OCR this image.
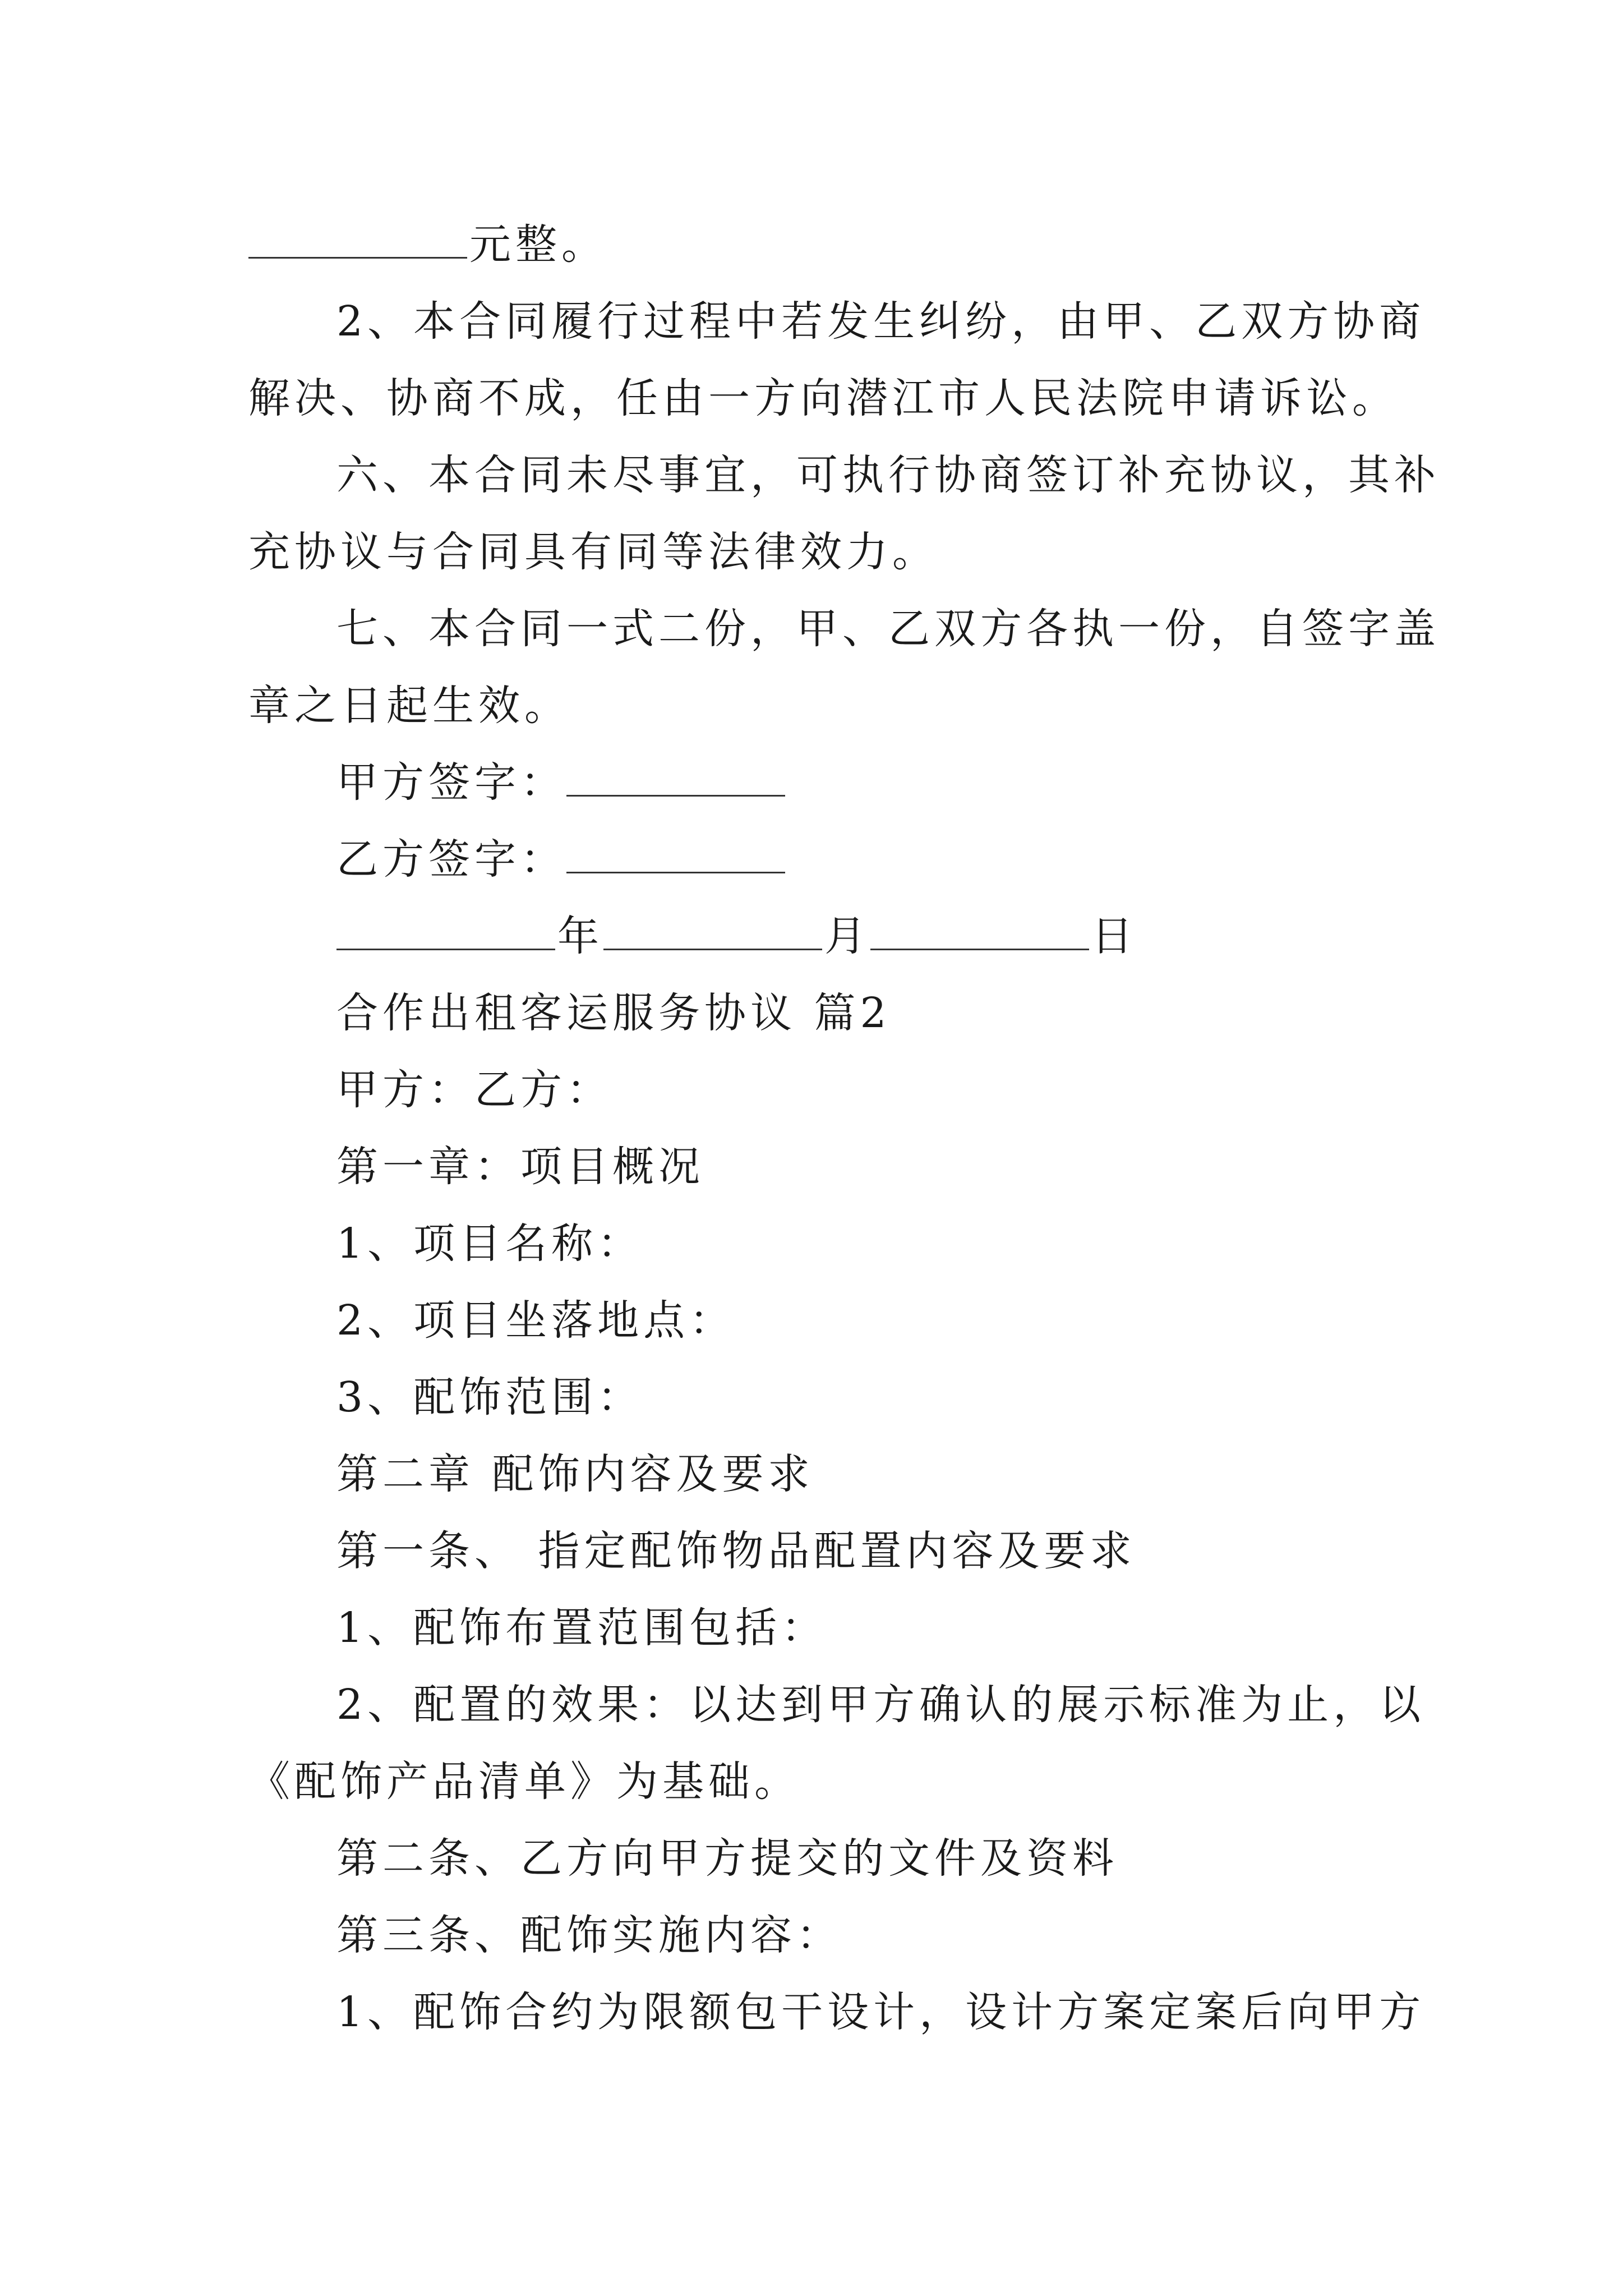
元整。
2、本合同履行过程中若发生纠纷，由甲、乙双方协商
解决、协商不成，任由一方向潜江市人民法院申请诉讼。
六、本合同未尽事宜，可执行协商签订补充协议，其补
充协议与合同具有同等法律效力。
七、本合同一式二份，甲、乙双方各执一份，自签字盖
章之日起生效。
甲方签字：
乙方签字：
年	月	日
合作出租客运服务协议 篇2
甲方：乙方：
第一章：项目概况
1、项目名称：
2、项目坐落地点：
3、配饰范围：
第二章 配饰内容及要求
第一条、 指定配饰物品配置内容及要求
1、配饰布置范围包括：
2、配置的效果：以达到甲方确认的展示标准为止，以
《配饰产品清单》为基础。
第二条、乙方向甲方提交的文件及资料
第三条、配饰实施内容：
1、配饰合约为限额包干设计，设计方案定案后向甲方
